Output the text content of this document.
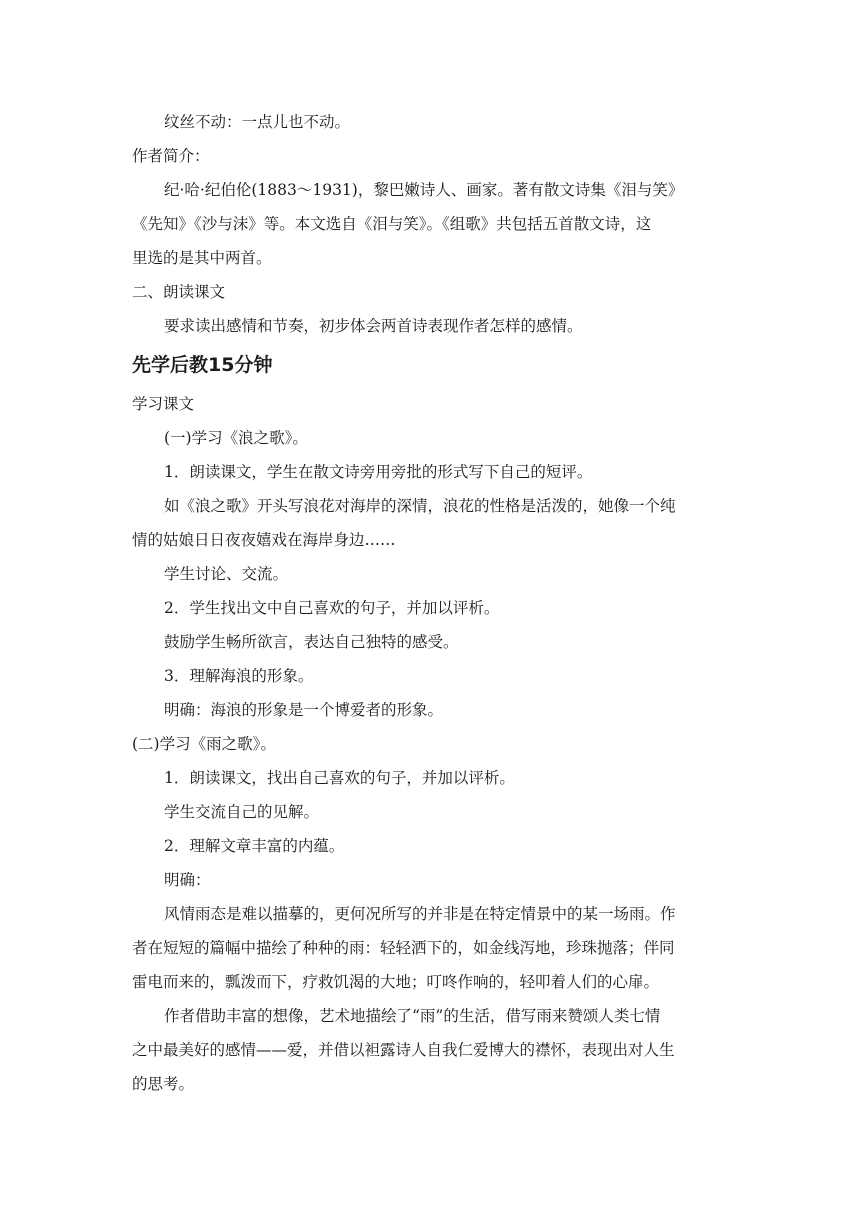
纹丝不动：一点儿也不动。
作者简介：
纪·哈·纪伯伦(1883～1931)，黎巴嫩诗人、画家。著有散文诗集《泪与笑》
《先知》《沙与沫》等。本文选自《泪与笑》。《组歌》共包括五首散文诗，这
里选的是其中两首。
二、朗读课文
要求读出感情和节奏，初步体会两首诗表现作者怎样的感情。
先学后教15分钟
学习课文
(一)学习《浪之歌》。
1．朗读课文，学生在散文诗旁用旁批的形式写下自己的短评。
如《浪之歌》开头写浪花对海岸的深情，浪花的性格是活泼的，她像一个纯
情的姑娘日日夜夜嬉戏在海岸身边……
学生讨论、交流。
2．学生找出文中自己喜欢的句子，并加以评析。
鼓励学生畅所欲言，表达自己独特的感受。
3．理解海浪的形象。
明确：海浪的形象是一个博爱者的形象。
(二)学习《雨之歌》。
1．朗读课文，找出自己喜欢的句子，并加以评析。
学生交流自己的见解。
2．理解文章丰富的内蕴。
明确：
风情雨态是难以描摹的，更何况所写的并非是在特定情景中的某一场雨。作
者在短短的篇幅中描绘了种种的雨：轻轻洒下的，如金线泻地，珍珠抛落；伴同
雷电而来的，瓢泼而下，疗救饥渴的大地；叮咚作响的，轻叩着人们的心扉。
作者借助丰富的想像，艺术地描绘了“雨”的生活，借写雨来赞颂人类七情
之中最美好的感情——爱，并借以袒露诗人自我仁爱博大的襟怀，表现出对人生
的思考。
